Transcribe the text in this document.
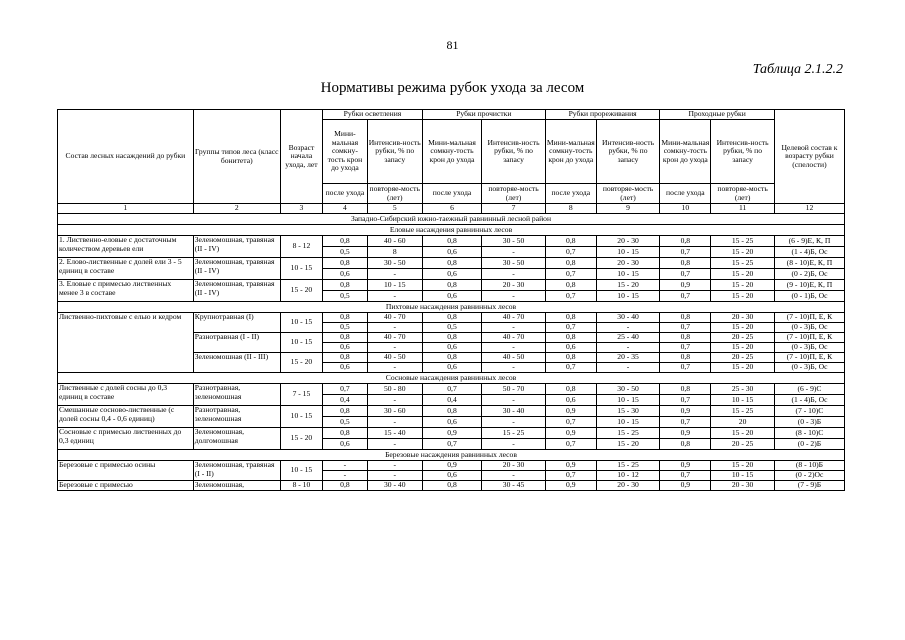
81
Таблица 2.1.2.2
Нормативы режима рубок ухода за лесом
Состав лесных насаждений до рубки	Группы типов леса (класс бонитета)	Возраст начала ухода, лет	Рубки осветления		Рубки прочистки		Рубки прореживания		Проходные рубки		Целевой состав к возрасту рубки (спелости)
			Мини-мальная сомкну-тость крон до ухода	Интенсив-ность рубки, % по запасу	Мини-мальная сомкну-тость крон до ухода	Интенсив-ность рубки, % по запасу	Мини-мальная сомкну-тость крон до ухода	Интенсив-ность рубки, % по запасу	Мини-мальная сомкну-тость крон до ухода	Интенсив-ность рубки, % по запасу	
			после ухода	повторяе-мость (лет)	после ухода	повторяе-мость (лет)	после ухода	повторяе-мость (лет)	после ухода	повторяе-мость (лет)	
1	2	3	4	5	6	7	8	9	10	11	12
Западно-Сибирский южно-таежный равнинный лесной район											
Еловые насаждения равнинных лесов											
1. Лиственно-еловые с достаточным количеством деревьев ели	Зеленомошная, травяная (II - IV)	8 - 12	0,8	40 - 60	0,8	30 - 50	0,8	20 - 30	0,8	15 - 25	(6 - 9)Е, К, П
			0,5	8	0,6	-	0,7	10 - 15	0,7	15 - 20	(1 - 4)Б, Ос
2. Елово-лиственные с долей ели 3 - 5 единиц в составе	Зеленомошная, травяная (II - IV)	10 - 15	0,8	30 - 50	0,8	30 - 50	0,8	20 - 30	0,8	15 - 25	(8 - 10)Е, К, П
			0,6	-	0,6	-	0,7	10 - 15	0,7	15 - 20	(0 - 2)Б, Ос
3. Еловые с примесью лиственных менее 3 в составе	Зеленомошная, травяная (II - IV)	15 - 20	0,8	10 - 15	0,8	20 - 30	0,8	15 - 20	0,9	15 - 20	(9 - 10)Е, К, П
			0,5	-	0,6	-	0,7	10 - 15	0,7	15 - 20	(0 - 1)Б, Ос
Пихтовые насаждения равнинных лесов											
Лиственно-пихтовые с елью и кедром	Крупнотравная (I)	10 - 15	0,8	40 - 70	0,8	40 - 70	0,8	30 - 40	0,8	20 - 30	(7 - 10)П, Е, К
			0,5	-	0,5	-	0,7	-	0,7	15 - 20	(0 - 3)Б, Ос
	Разнотравная (I - II)	10 - 15	0,8	40 - 70	0,8	40 - 70	0,8	25 - 40	0,8	20 - 25	(7 - 10)П, Е, К
			0,6	-	0,6	-	0,6	-	0,7	15 - 20	(0 - 3)Б, Ос
	Зеленомошная (II - III)	15 - 20	0,8	40 - 50	0,8	40 - 50	0,8	20 - 35	0,8	20 - 25	(7 - 10)П, Е, К
			0,6	-	0,6	-	0,7	-	0,7	15 - 20	(0 - 3)Б, Ос
Сосновые насаждения равнинных лесов											
Лиственные с долей сосны до 0,3 единиц в составе	Разнотравная, зеленомошная	7 - 15	0,7	50 - 80	0,7	50 - 70	0,8	30 - 50	0,8	25 - 30	(6 - 9)С
			0,4	-	0,4	-	0,6	10 - 15	0,7	10 - 15	(1 - 4)Б, Ос
Смешанные сосново-лиственные (с долей сосны 0,4 - 0,6 единиц)	Разнотравная, зеленомошная	10 - 15	0,8	30 - 60	0,8	30 - 40	0,9	15 - 30	0,9	15 - 25	(7 - 10)С
			0,5	-	0,6	-	0,7	10 - 15	0,7	20	(0 - 3)Б
Сосновые с примесью лиственных до 0,3 единиц	Зеленомошная, долгомошная	15 - 20	0,8	15 - 40	0,9	15 - 25	0,9	15 - 25	0,9	15 - 20	(8 - 10)С
			0,6	-	0,7	-	0,7	15 - 20	0,8	20 - 25	(0 - 2)Б
Березовые насаждения равнинных лесов											
Березовые с примесью осины	Зеленомошная, травяная (I - II)	10 - 15	-	-	0,9	20 - 30	0,9	15 - 25	0,9	15 - 20	(8 - 10)Б
			-	-	0,6	-	0,7	10 - 12	0,7	10 - 15	(0 - 2)Ос
Березовые с примесью	Зеленомошная,	8 - 10	0,8	30 - 40	0,8	30 - 45	0,9	20 - 30	0,9	20 - 30	(7 - 9)Б
